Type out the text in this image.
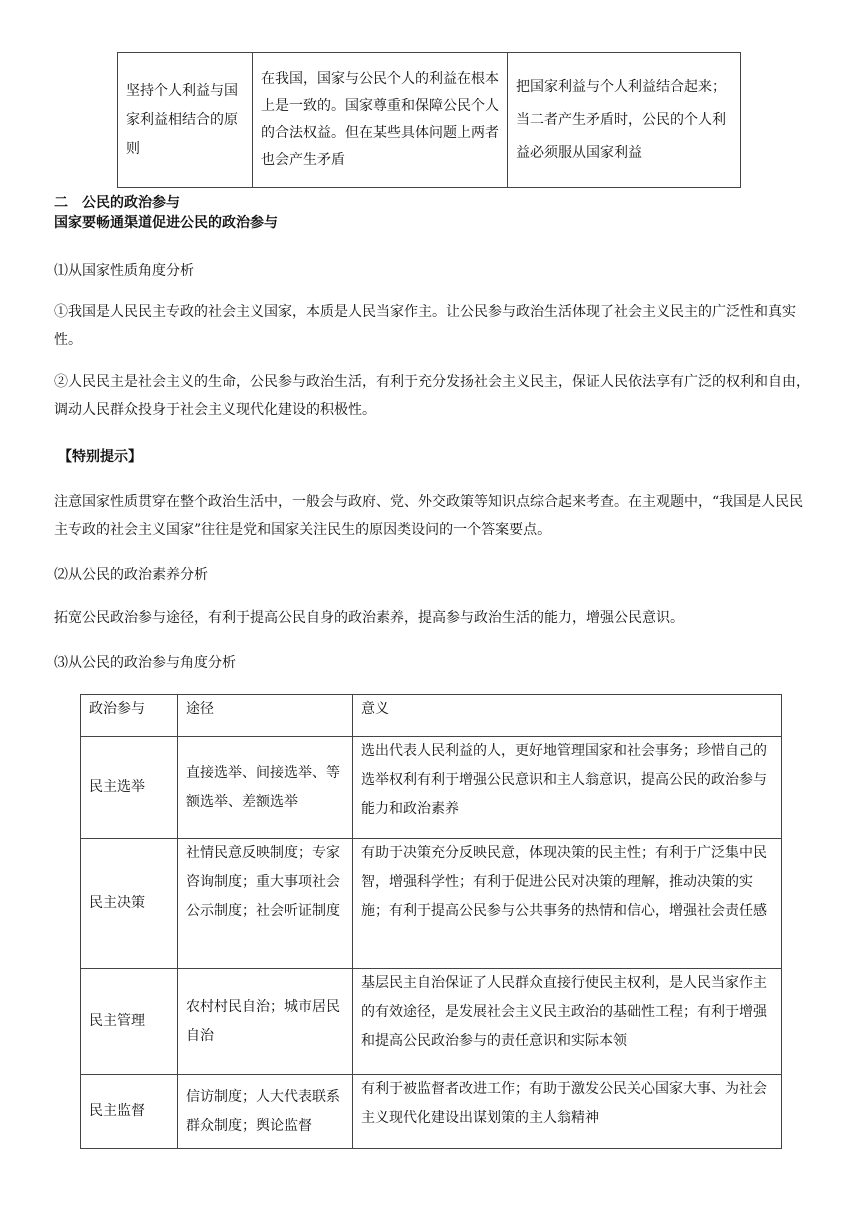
坚持个人利益与国家利益相结合的原则	在我国，国家与公民个人的利益在根本上是一致的。国家尊重和保障公民个人的合法权益。但在某些具体问题上两者也会产生矛盾	把国家利益与个人利益结合起来；当二者产生矛盾时，公民的个人利益必须服从国家利益
二　公民的政治参与
国家要畅通渠道促进公民的政治参与
⑴从国家性质角度分析

①我国是人民民主专政的社会主义国家，本质是人民当家作主。让公民参与政治生活体现了社会主义民主的广泛性和真实性。

②人民民主是社会主义的生命，公民参与政治生活，有利于充分发扬社会主义民主，保证人民依法享有广泛的权利和自由，调动人民群众投身于社会主义现代化建设的积极性。

【特别提示】

注意国家性质贯穿在整个政治生活中，一般会与政府、党、外交政策等知识点综合起来考查。在主观题中，“我国是人民民主专政的社会主义国家”往往是党和国家关注民生的原因类设问的一个答案要点。

⑵从公民的政治素养分析

拓宽公民政治参与途径，有利于提高公民自身的政治素养，提高参与政治生活的能力，增强公民意识。

⑶从公民的政治参与角度分析
政治参与	途径	意义
民主选举	直接选举、间接选举、等额选举、差额选举	选出代表人民利益的人，更好地管理国家和社会事务；珍惜自己的选举权利有利于增强公民意识和主人翁意识，提高公民的政治参与能力和政治素养
民主决策	社情民意反映制度；专家咨询制度；重大事项社会公示制度；社会听证制度	有助于决策充分反映民意，体现决策的民主性；有利于广泛集中民智，增强科学性；有利于促进公民对决策的理解，推动决策的实施；有利于提高公民参与公共事务的热情和信心，增强社会责任感
民主管理	农村村民自治；城市居民自治	基层民主自治保证了人民群众直接行使民主权利，是人民当家作主的有效途径，是发展社会主义民主政治的基础性工程；有利于增强和提高公民政治参与的责任意识和实际本领
民主监督	信访制度；人大代表联系群众制度；舆论监督	有利于被监督者改进工作；有助于激发公民关心国家大事、为社会主义现代化建设出谋划策的主人翁精神
